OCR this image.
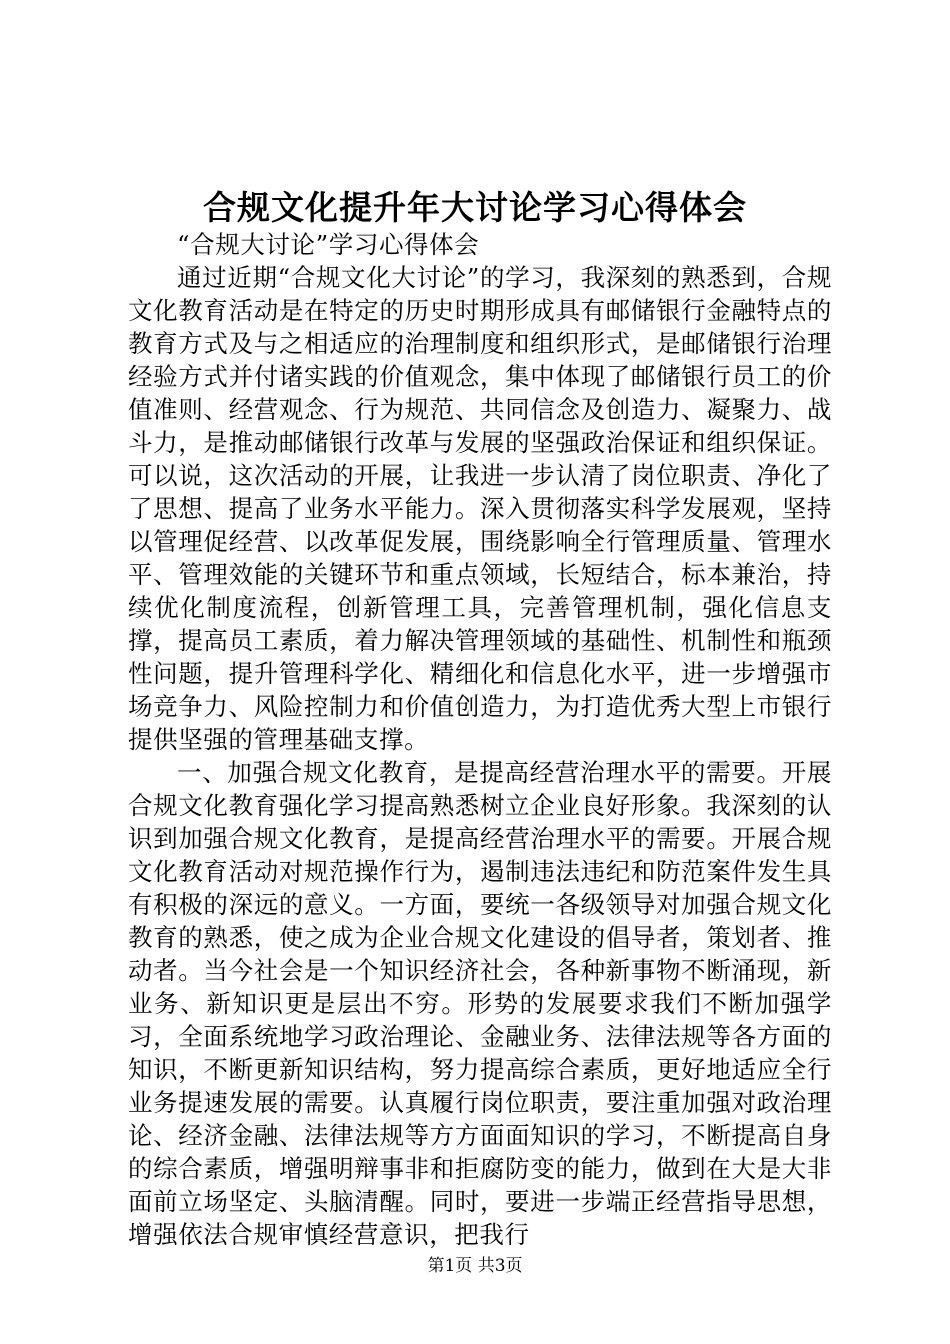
合规文化提升年大讨论学习心得体会

“合规大讨论”学习心得体会

通过近期“合规文化大讨论”的学习，我深刻的熟悉到，合规文化教育活动是在特定的历史时期形成具有邮储银行金融特点的教育方式及与之相适应的治理制度和组织形式，是邮储银行治理经验方式并付诸实践的价值观念，集中体现了邮储银行员工的价值准则、经营观念、行为规范、共同信念及创造力、凝聚力、战斗力，是推动邮储银行改革与发展的坚强政治保证和组织保证。可以说，这次活动的开展，让我进一步认清了岗位职责、净化了了思想、提高了业务水平能力。深入贯彻落实科学发展观，坚持以管理促经营、以改革促发展，围绕影响全行管理质量、管理水平、管理效能的关键环节和重点领域，长短结合，标本兼治，持续优化制度流程，创新管理工具，完善管理机制，强化信息支撑，提高员工素质，着力解决管理领域的基础性、机制性和瓶颈性问题，提升管理科学化、精细化和信息化水平，进一步增强市场竞争力、风险控制力和价值创造力，为打造优秀大型上市银行提供坚强的管理基础支撑。

一、加强合规文化教育，是提高经营治理水平的需要。开展合规文化教育强化学习提高熟悉树立企业良好形象。我深刻的认识到加强合规文化教育，是提高经营治理水平的需要。开展合规文化教育活动对规范操作行为，遏制违法违纪和防范案件发生具有积极的深远的意义。一方面，要统一各级领导对加强合规文化教育的熟悉，使之成为企业合规文化建设的倡导者，策划者、推动者。当今社会是一个知识经济社会，各种新事物不断涌现，新业务、新知识更是层出不穷。形势的发展要求我们不断加强学习，全面系统地学习政治理论、金融业务、法律法规等各方面的知识，不断更新知识结构，努力提高综合素质，更好地适应全行业务提速发展的需要。认真履行岗位职责，要注重加强对政治理论、经济金融、法律法规等方方面面知识的学习，不断提高自身的综合素质，增强明辩事非和拒腐防变的能力，做到在大是大非面前立场坚定、头脑清醒。同时，要进一步端正经营指导思想，增强依法合规审慎经营意识，把我行

第1页 共3页
